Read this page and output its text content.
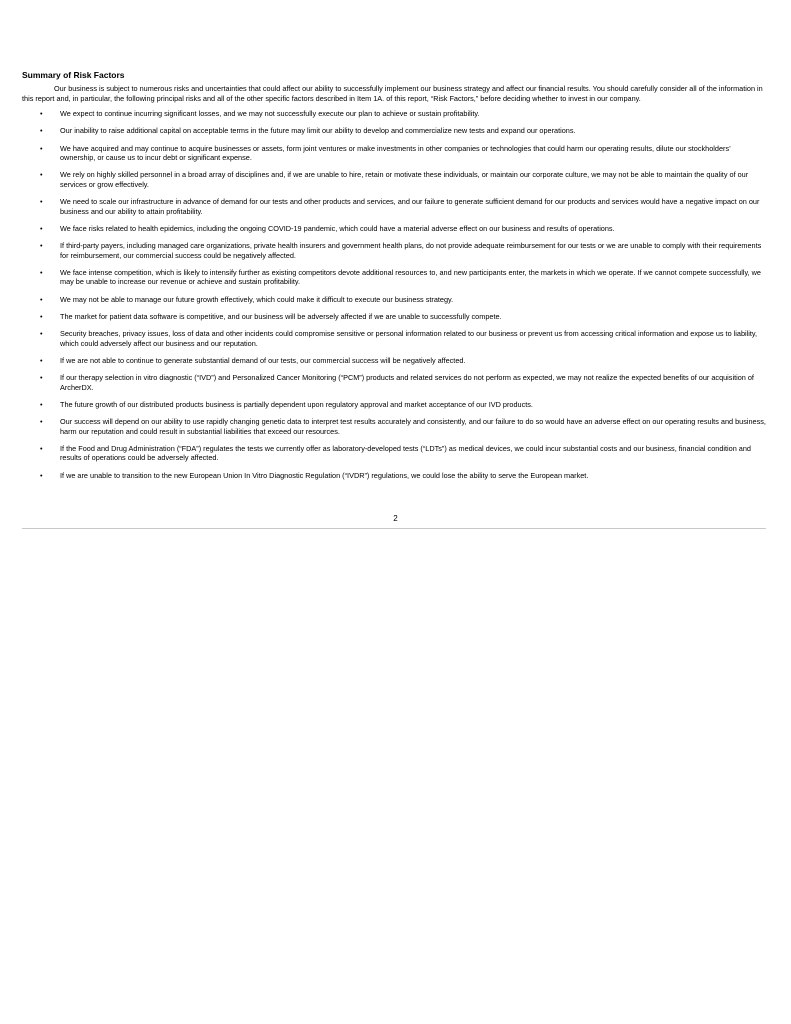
Summary of Risk Factors

Our business is subject to numerous risks and uncertainties that could affect our ability to successfully implement our business strategy and affect our financial results. You should carefully consider all of the information in this report and, in particular, the following principal risks and all of the other specific factors described in Item 1A. of this report, “Risk Factors,” before deciding whether to invest in our company.

• We expect to continue incurring significant losses, and we may not successfully execute our plan to achieve or sustain profitability.
• Our inability to raise additional capital on acceptable terms in the future may limit our ability to develop and commercialize new tests and expand our operations.
• We have acquired and may continue to acquire businesses or assets, form joint ventures or make investments in other companies or technologies that could harm our operating results, dilute our stockholders’ ownership, or cause us to incur debt or significant expense.
• We rely on highly skilled personnel in a broad array of disciplines and, if we are unable to hire, retain or motivate these individuals, or maintain our corporate culture, we may not be able to maintain the quality of our services or grow effectively.
• We need to scale our infrastructure in advance of demand for our tests and other products and services, and our failure to generate sufficient demand for our products and services would have a negative impact on our business and our ability to attain profitability.
• We face risks related to health epidemics, including the ongoing COVID-19 pandemic, which could have a material adverse effect on our business and results of operations.
• If third-party payers, including managed care organizations, private health insurers and government health plans, do not provide adequate reimbursement for our tests or we are unable to comply with their requirements for reimbursement, our commercial success could be negatively affected.
• We face intense competition, which is likely to intensify further as existing competitors devote additional resources to, and new participants enter, the markets in which we operate. If we cannot compete successfully, we may be unable to increase our revenue or achieve and sustain profitability.
• We may not be able to manage our future growth effectively, which could make it difficult to execute our business strategy.
• The market for patient data software is competitive, and our business will be adversely affected if we are unable to successfully compete.
• Security breaches, privacy issues, loss of data and other incidents could compromise sensitive or personal information related to our business or prevent us from accessing critical information and expose us to liability, which could adversely affect our business and our reputation.
• If we are not able to continue to generate substantial demand of our tests, our commercial success will be negatively affected.
• If our therapy selection in vitro diagnostic (“IVD”) and Personalized Cancer Monitoring (“PCM”) products and related services do not perform as expected, we may not realize the expected benefits of our acquisition of ArcherDX.
• The future growth of our distributed products business is partially dependent upon regulatory approval and market acceptance of our IVD products.
• Our success will depend on our ability to use rapidly changing genetic data to interpret test results accurately and consistently, and our failure to do so would have an adverse effect on our operating results and business, harm our reputation and could result in substantial liabilities that exceed our resources.
• If the Food and Drug Administration (“FDA”) regulates the tests we currently offer as laboratory-developed tests (“LDTs”) as medical devices, we could incur substantial costs and our business, financial condition and results of operations could be adversely affected.
• If we are unable to transition to the new European Union In Vitro Diagnostic Regulation (“IVDR”) regulations, we could lose the ability to serve the European market.
2
